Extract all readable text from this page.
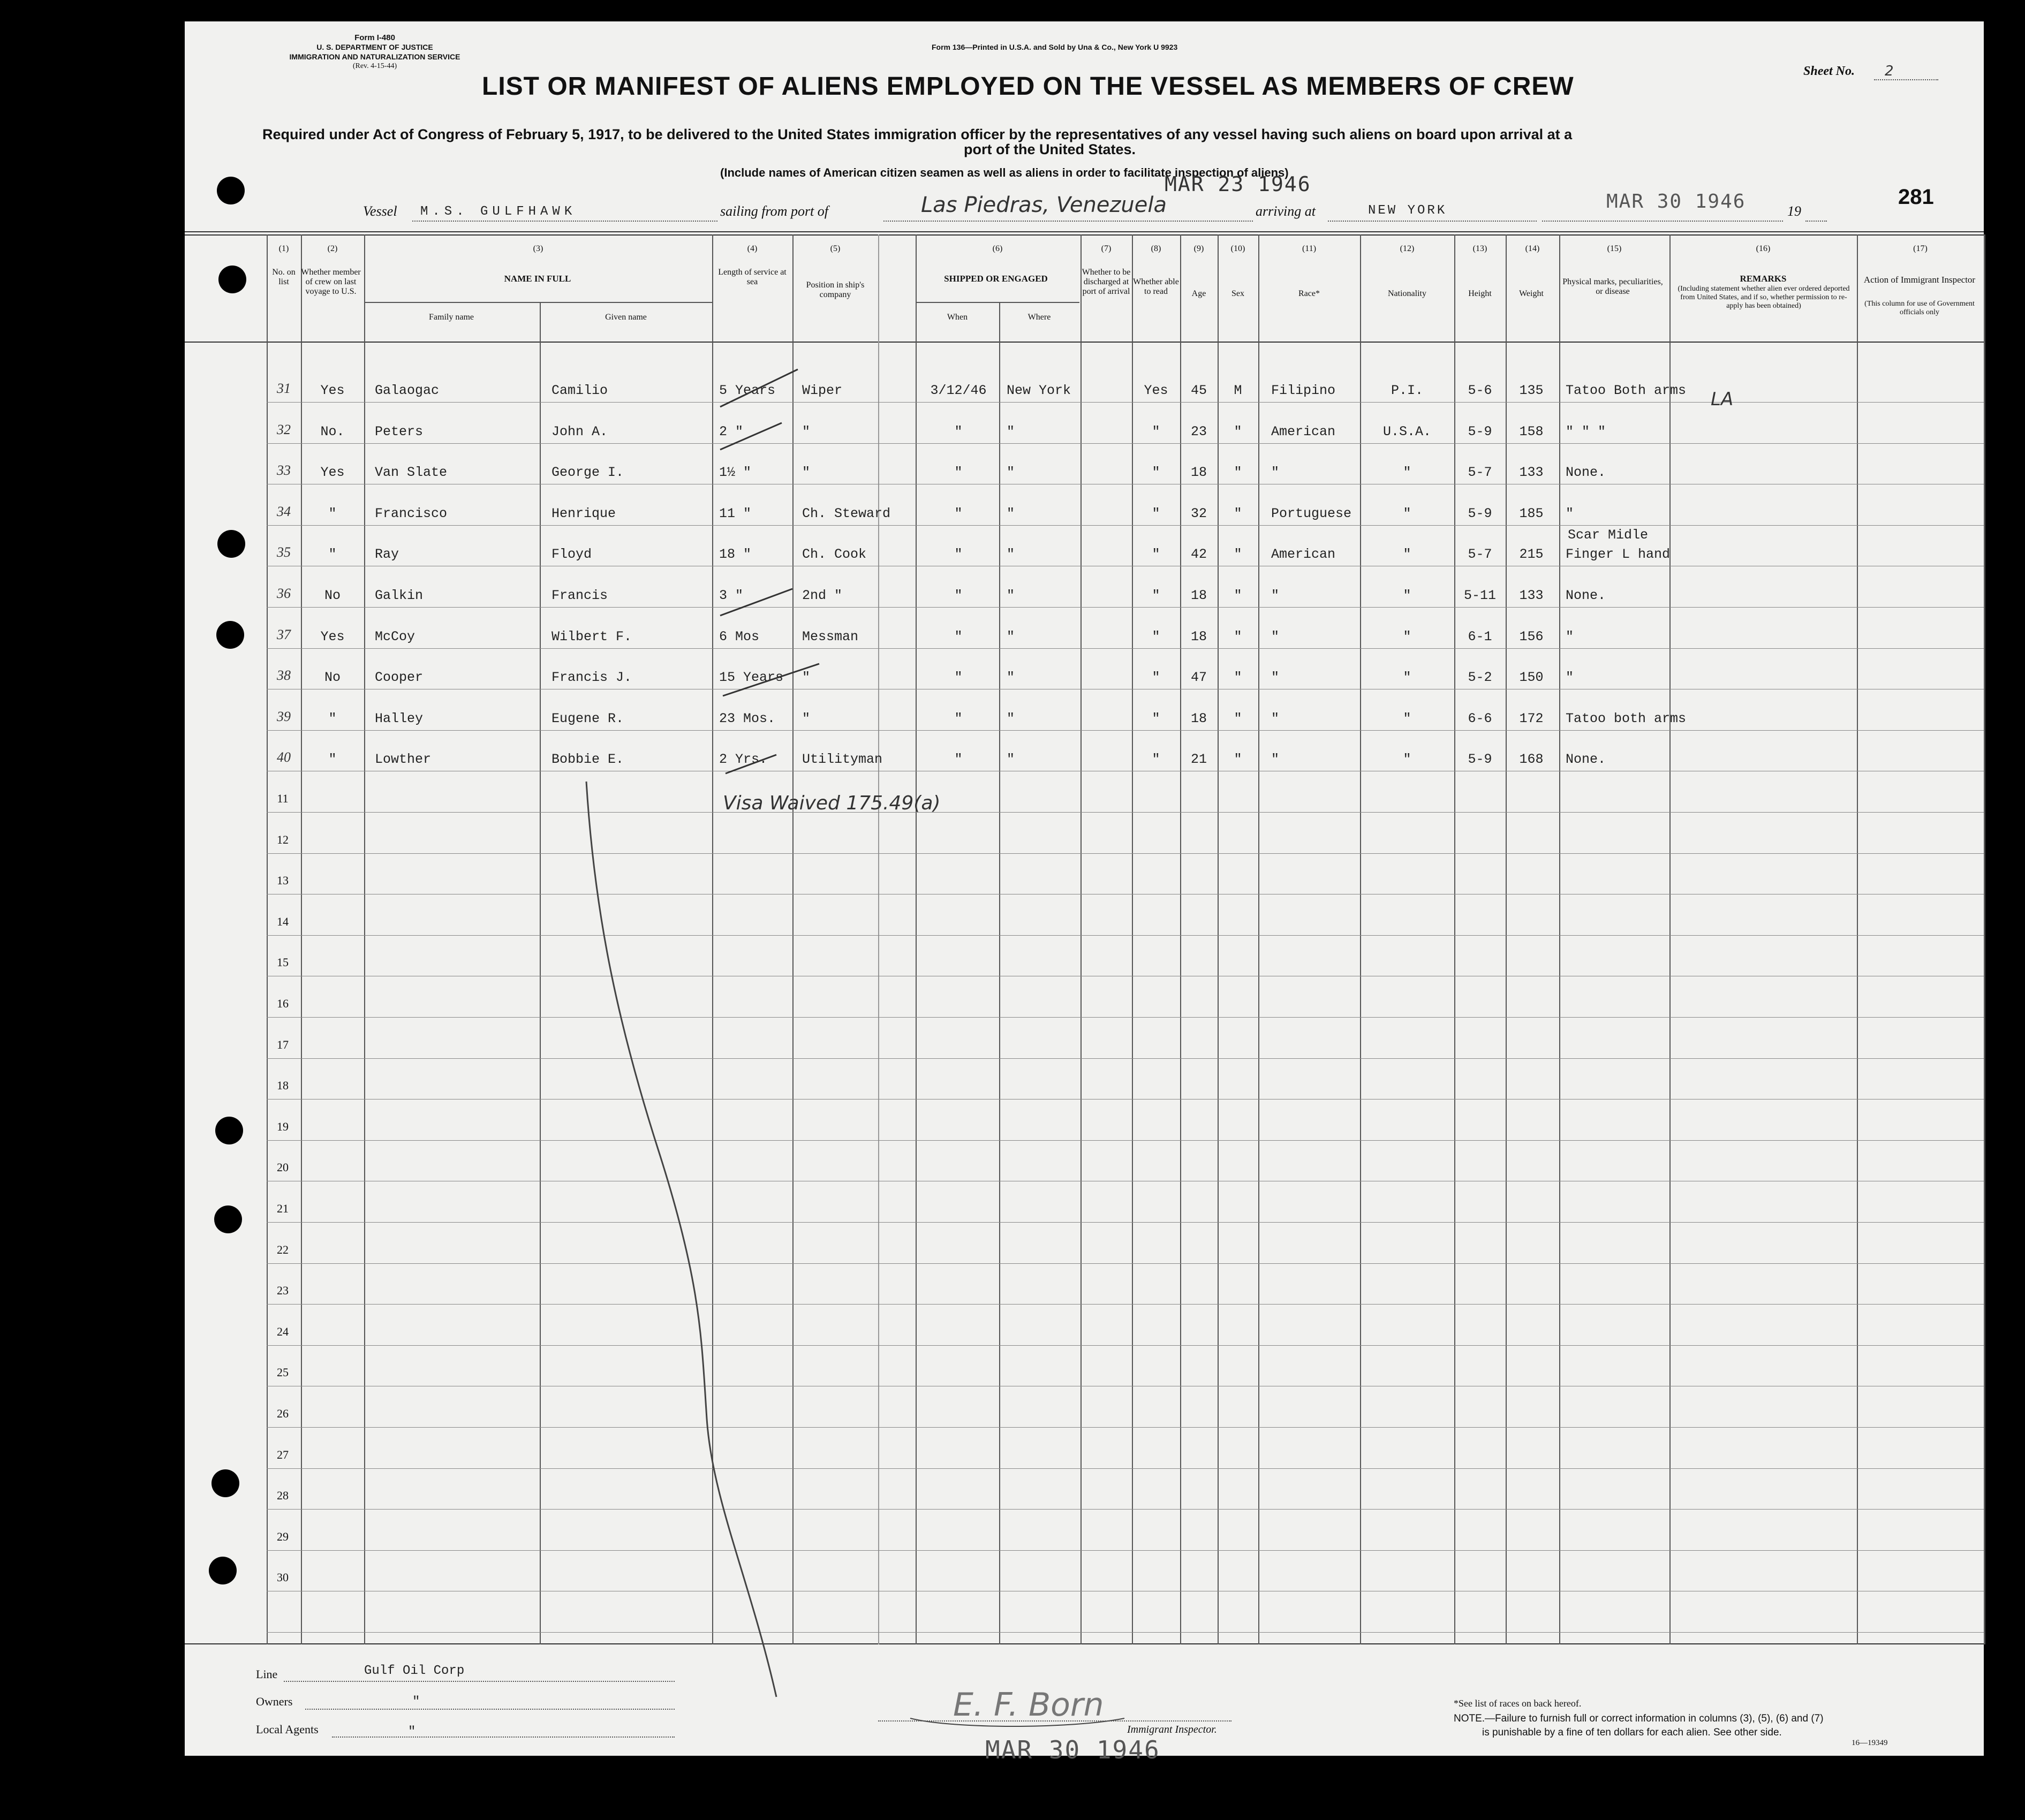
Form I-480
U. S. DEPARTMENT OF JUSTICE
IMMIGRATION AND NATURALIZATION SERVICE
(Rev. 4-15-44)
Form 136—Printed in U.S.A. and Sold by Una & Co., New York U 9923
Sheet No. 2
LIST OR MANIFEST OF ALIENS EMPLOYED ON THE VESSEL AS MEMBERS OF CREW
Required under Act of Congress of February 5, 1917, to be delivered to the United States immigration officer by the representatives of any vessel having such aliens on board upon arrival at a
port of the United States.
(Include names of American citizen seamen as well as aliens in order to facilitate inspection of aliens)
281
Vessel M.S. GULFHAWK	sailing from port of	Las Piedras, Venezuela
MAR 23 1946
arriving at	NEW YORK	MAR 30 1946	19
(1)	(2)	(3)	(4)	(5)	(6)	(7)	(8)	(9)	(10)	(11)	(12)	(13)	(14)	(15)	(16)	(17)
No. on list
Whether member of crew on last voyage to U.S.
NAME IN FULL
Family name	Given name
Length of service at sea	Position in ship's company
SHIPPED OR ENGAGED
When	Where
Whether to be discharged at port of arrival
Whether able to read	Age	Sex	Race*	Nationality	Height	Weight
Physical marks, peculiarities, or disease
REMARKS
(Including statement whether alien ever ordered deported from United States, and if so, whether permission to re-apply has been obtained)
Action of Immigrant Inspector
(This column for use of Government officials only
31	Yes	Galaogac	Camilio	5 Years Wiper	3/12/46	New York	Yes	45	M	Filipino	P.I.	5-6	135	Tatoo Both arms
32	No.	Peters	John A.	2 "	"	"	"	"	23	"	American	U.S.A.	5-9	158	" " "
33	Yes	Van Slate	George I.	1½ "	"	"	"	"	18	"	"	"	5-7	133	None.
34	"	Francisco	Henrique	11 "	Ch. Steward	"	"	"	32	"	Portuguese	"	5-9	185	"
35	"	Ray	Floyd	18 "	Ch. Cook	"	"	"	42	"	American	"	5-7	215	Finger L hand
Scar Midle
36	No	Galkin	Francis	3 "	2nd "	"	"	"	18	"	"	"	5-11	133	None.
37	Yes	McCoy	Wilbert F.	6 Mos	Messman	"	"	"	18	"	"	"	6-1	156	"
38	No	Cooper	Francis J.	15 Years "	"	"	"	47	"	"	"	5-2	150	"
39	"	Halley	Eugene R.	23 Mos. "	"	"	"	18	"	"	"	6-6	172	Tatoo both arms
40	"	Lowther	Bobbie E.	2 Yrs.	Utilityman	"	"	"	21	"	"	"	5-9	168	None.
11
12
13
14
15
16
17
18
19
20
21
22
23
24
25
26
27
28
29
30
Visa Waived 175.49(a)
LA
Line	Gulf Oil Corp
Owners	"
Local Agents	"
E. F. Born
Immigrant Inspector.
MAR 30 1946
*See list of races on back hereof.
NOTE.—Failure to furnish full or correct information in columns (3), (5), (6) and (7)
is punishable by a fine of ten dollars for each alien. See other side.
16—19349
